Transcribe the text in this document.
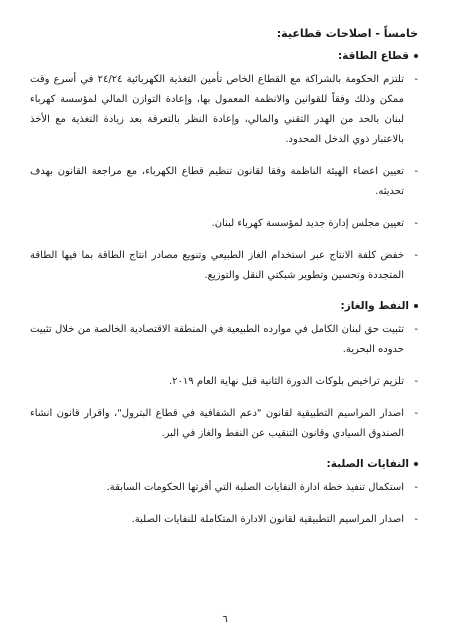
خامساً - اصلاحات قطاعية:
قطاع الطاقة:
-
تلتزم الحكومة بالشراكة مع القطاع الخاص تأمين التغذية الكهربائية ٢٤/٢٤ في أسرع وقت ممكن وذلك وفقاً للقوانين والانظمة المعمول بها، وإعادة التوازن المالي لمؤسسة كهرباء لبنان بالحد من الهدر التقني والمالي، وإعادة النظر بالتعرفة بعد زيادة التغذية مع الأخذ بالاعتبار ذوي الدخل المحدود.
-
تعيين اعضاء الهيئة الناظمة وفقا لقانون تنظيم قطاع الكهرباء، مع مراجعة القانون بهدف تحديثه.
-
تعيين مجلس إدارة جديد لمؤسسة كهرباء لبنان.
-
خفض كلفة الانتاج عبر استخدام الغاز الطبيعي وتنويع مصادر انتاج الطاقة بما فيها الطاقة المتجددة وتحسين وتطوير شبكتي النقل والتوزيع.
النفط والغاز:
-
تثبيت حق لبنان الكامل في موارده الطبيعية في المنطقة الاقتصادية الخالصة من خلال تثبيت حدوده البحرية.
-
تلزيم تراخيص بلوكات الدورة الثانية قبل نهاية العام ٢٠١٩.
-
اصدار المراسيم التطبيقية لقانون "دعم الشفافية في قطاع البترول"، واقرار قانون انشاء الصندوق السيادي وقانون التنقيب عن النفط والغاز في البر.
النفايات الصلبة:
-
استكمال تنفيذ خطة ادارة النفايات الصلبة التي أقرتها الحكومات السابقة.
-
اصدار المراسيم التطبيقية لقانون الادارة المتكاملة للنفايات الصلبة.
٦
